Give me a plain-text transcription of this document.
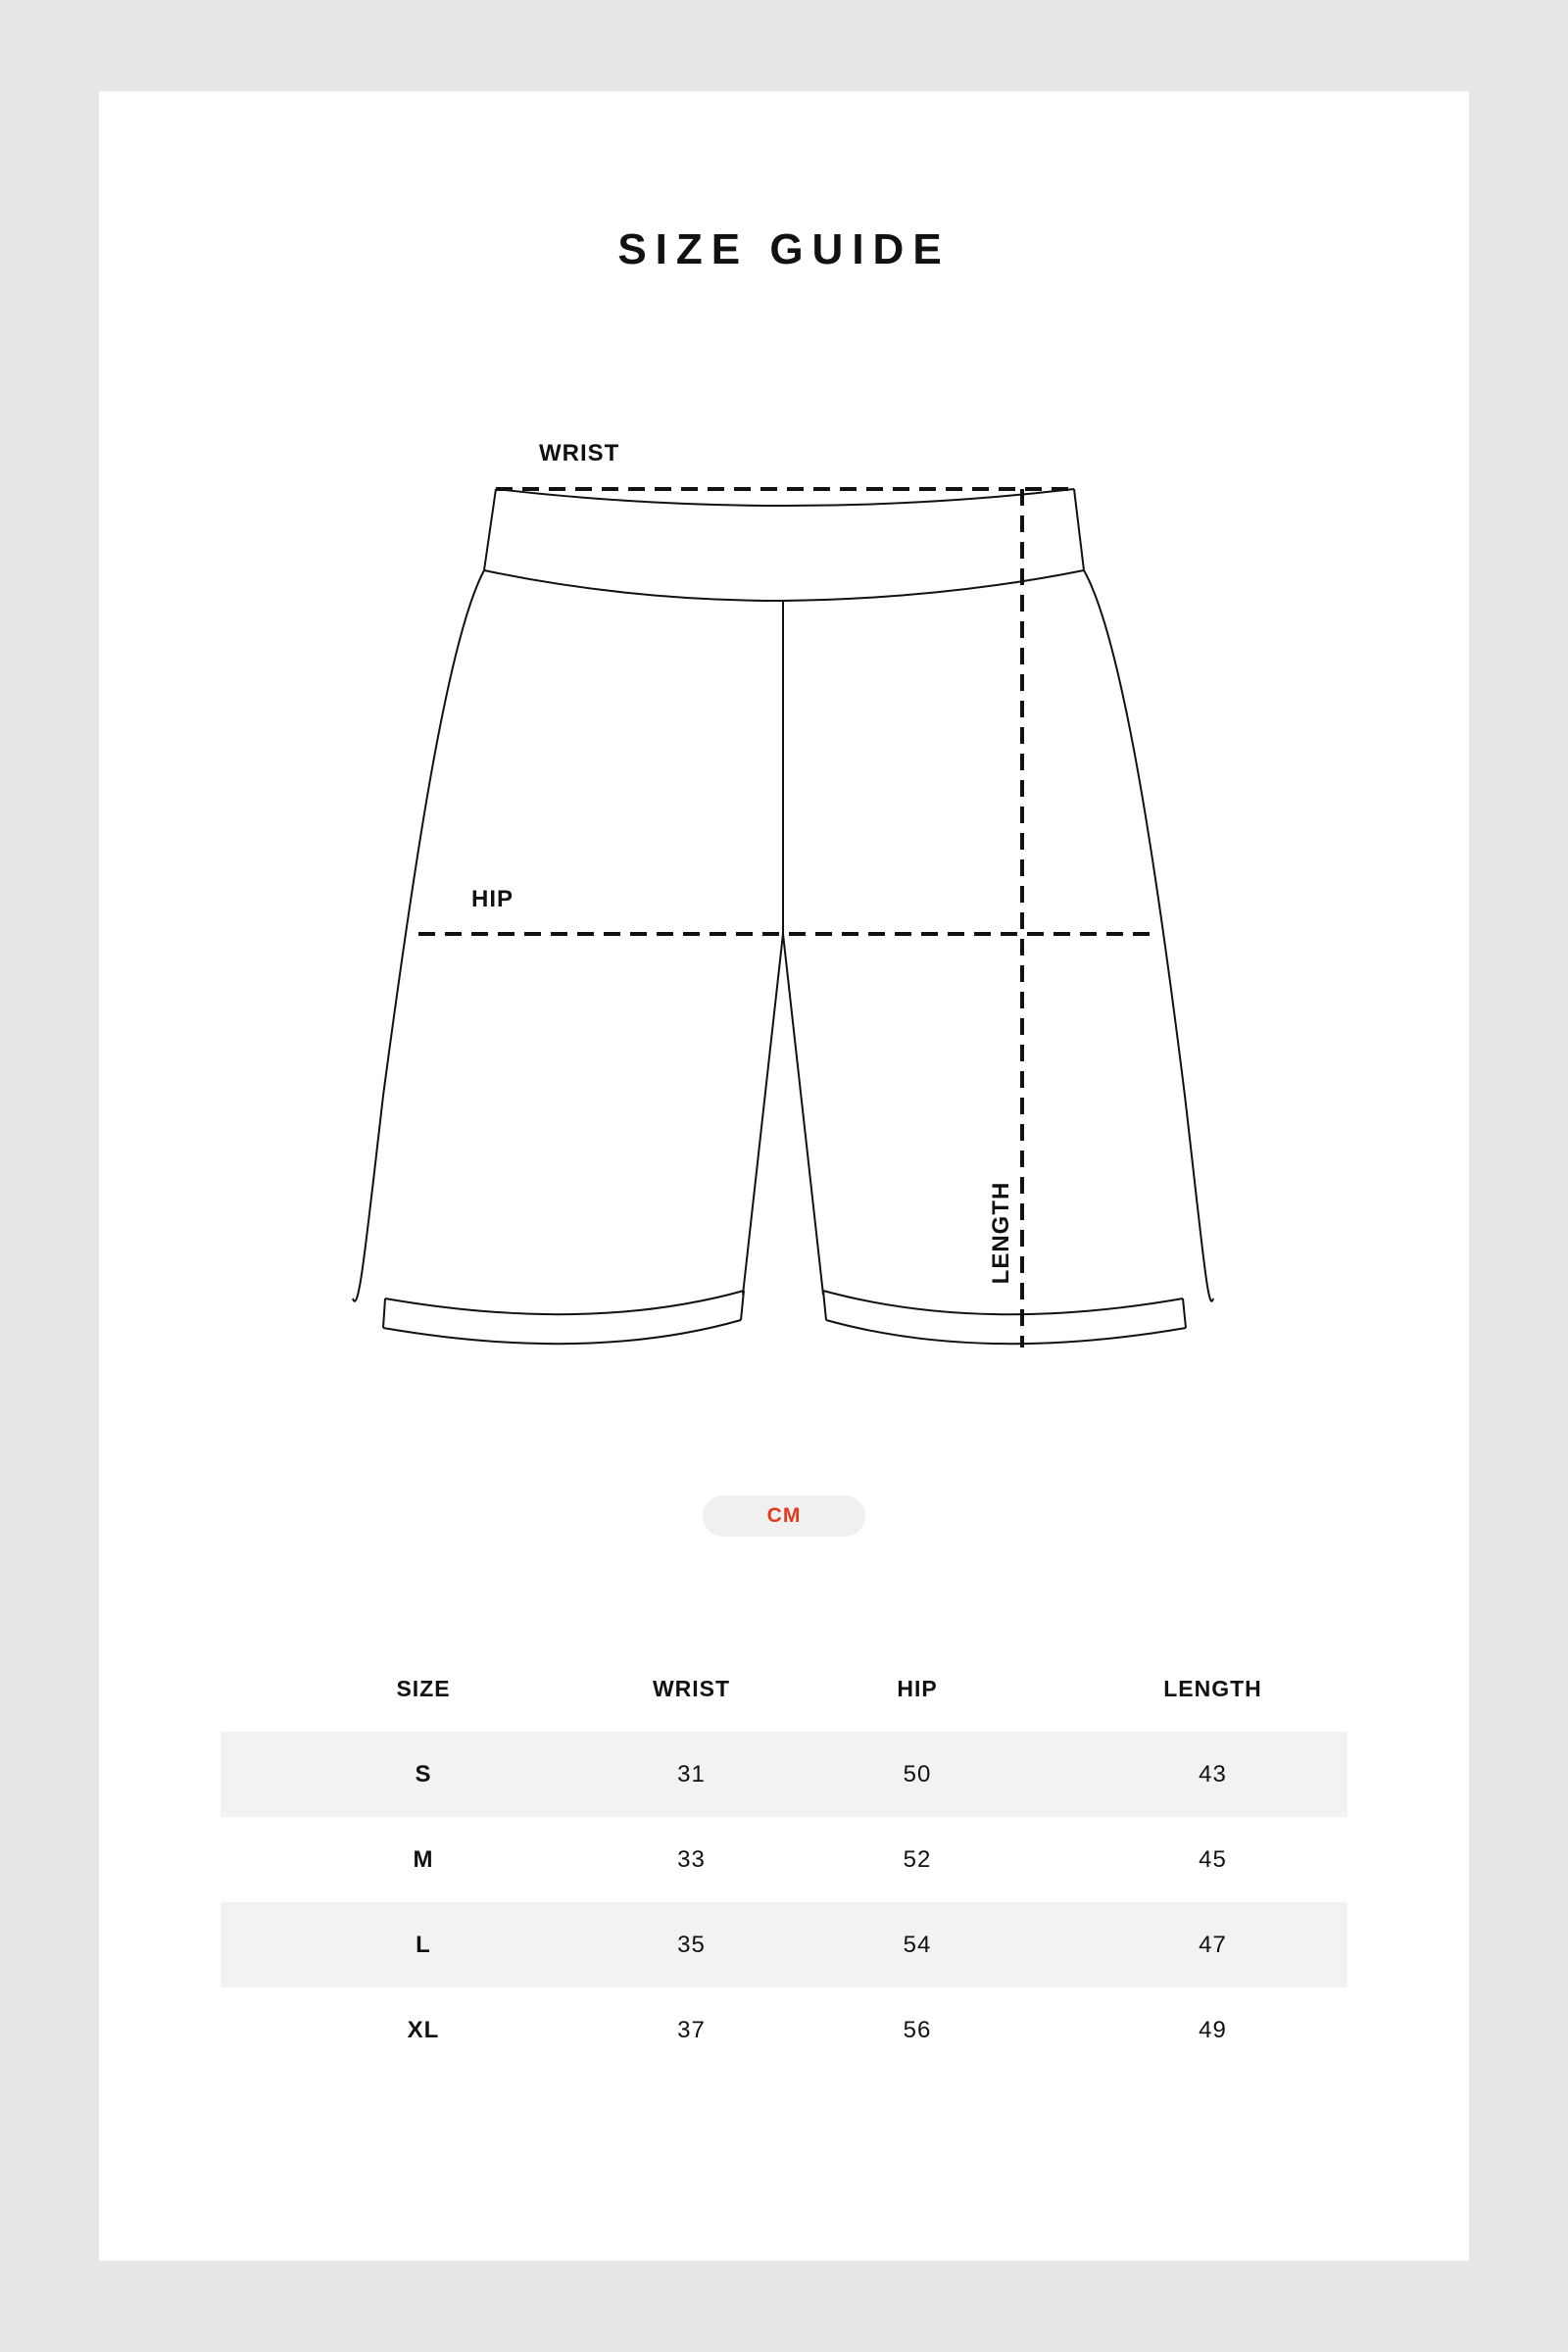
SIZE GUIDE
WRIST
HIP
LENGTH
CM
SIZE	WRIST	HIP	LENGTH
S	31	50	43
M	33	52	45
L	35	54	47
XL	37	56	49
